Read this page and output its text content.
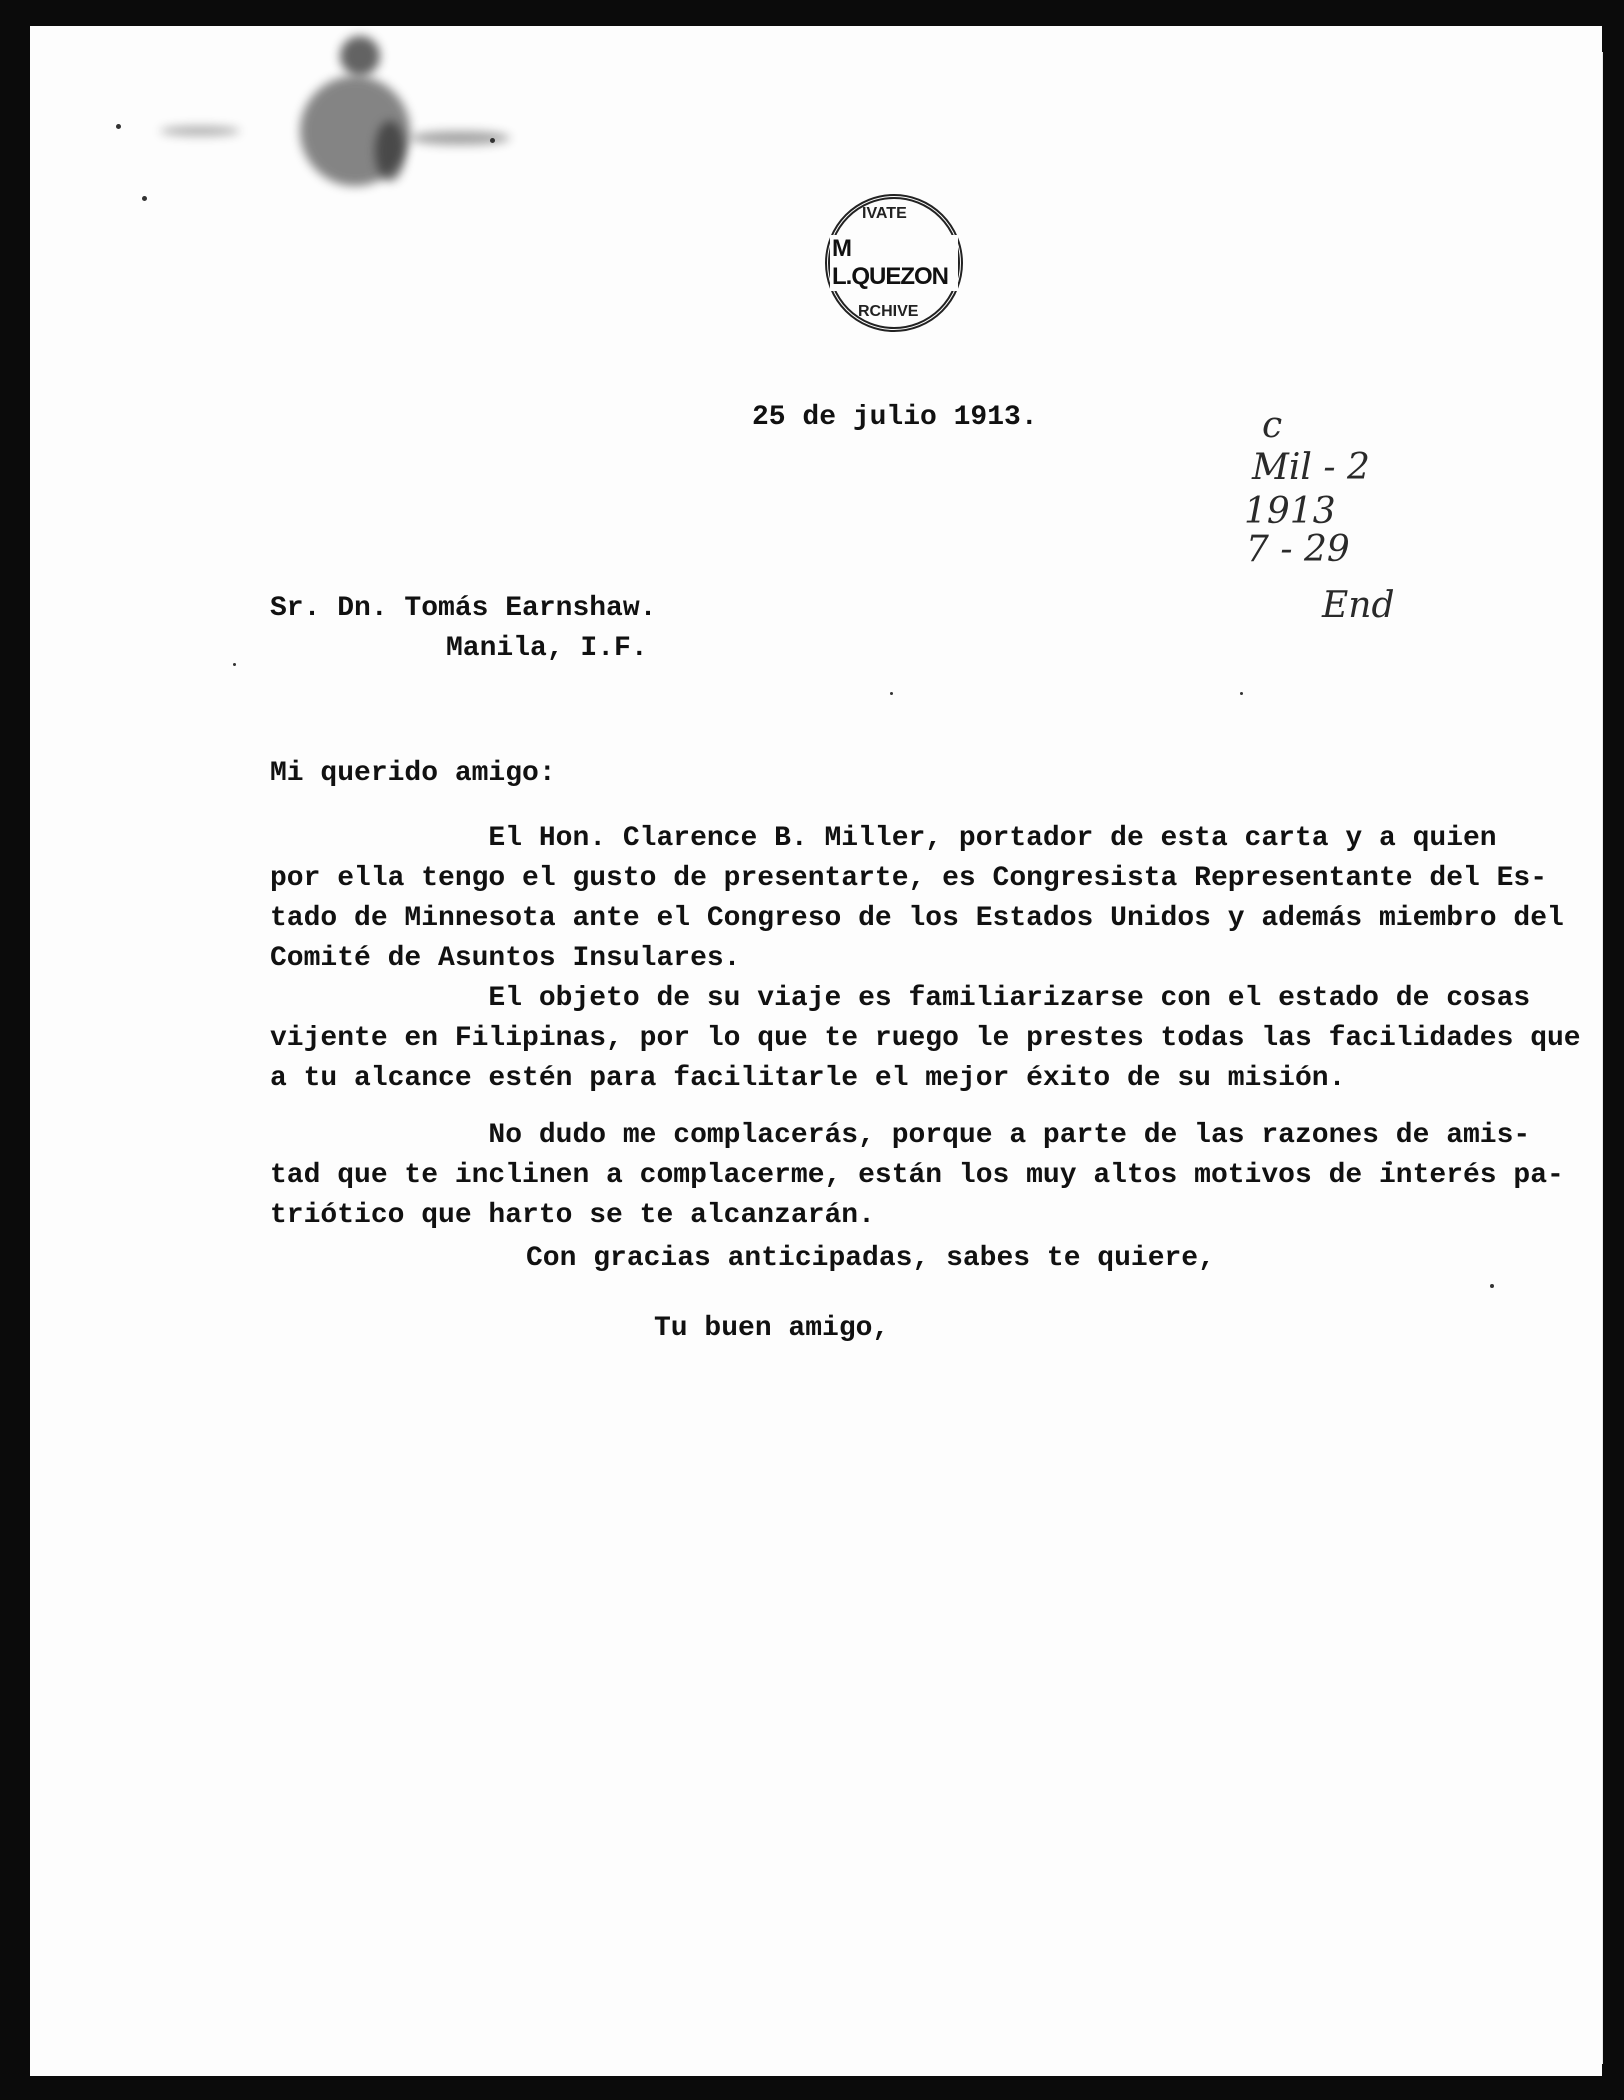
M L.QUEZON
IVATE
RCHIVE
c
Mil - 2
1913
7 - 29
End
25 de julio 1913.
Sr. Dn. Tomás Earnshaw.
Manila, I.F.
Mi querido amigo:
El Hon. Clarence B. Miller, portador de esta carta y a quien
por ella tengo el gusto de presentarte, es Congresista Representante del Es-
tado de Minnesota ante el Congreso de los Estados Unidos y además miembro del
Comité de Asuntos Insulares.
El objeto de su viaje es familiarizarse con el estado de cosas
vijente en Filipinas, por lo que te ruego le prestes todas las facilidades que
a tu alcance estén para facilitarle el mejor éxito de su misión.
No dudo me complacerás, porque a parte de las razones de amis-
tad que te inclinen a complacerme, están los muy altos motivos de interés pa-
triótico que harto se te alcanzarán.
Con gracias anticipadas, sabes te quiere,
Tu buen amigo,
